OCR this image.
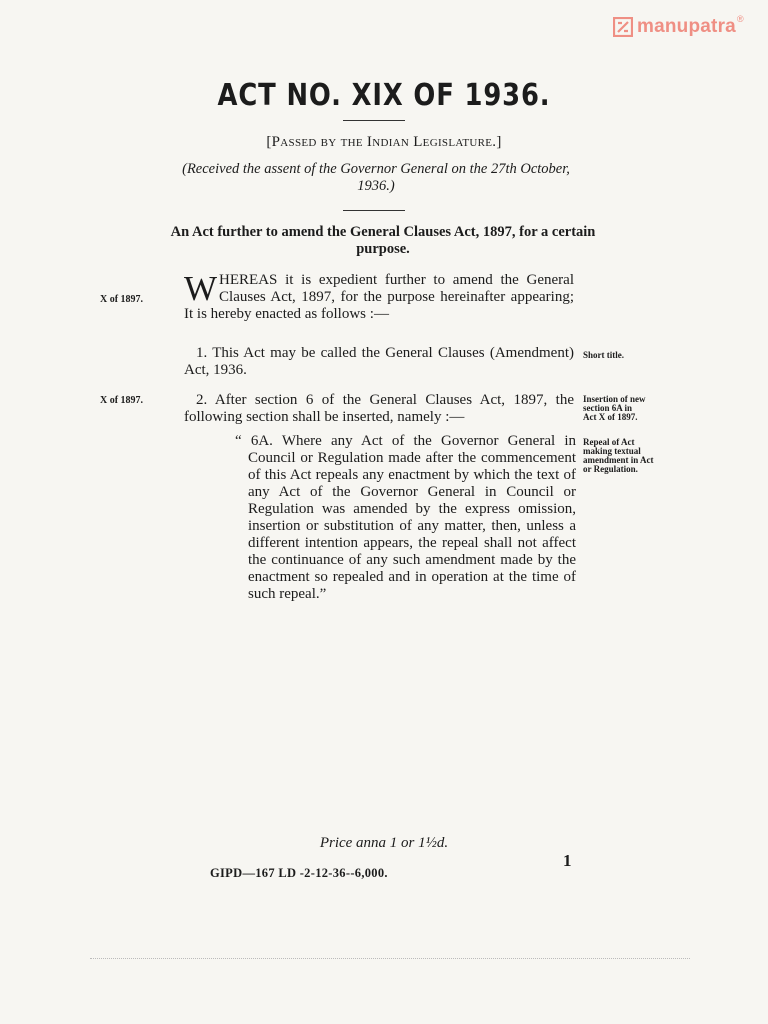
manupatra ®
ACT NO. XIX OF 1936.
[Passed by the Indian Legislature.]
(Received the assent of the Governor General on the 27th October, 1936.)
An Act further to amend the General Clauses Act, 1897, for a certain purpose.
WHEREAS it is expedient further to amend the General Clauses Act, 1897, for the purpose hereinafter appearing; It is hereby enacted as follows :—
X of 1897.
1. This Act may be called the General Clauses (Amendment) Act, 1936.
Short title.
2. After section 6 of the General Clauses Act, 1897, the following section shall be inserted, namely :—
X of 1897.	Insertion of new section 6A in Act X of 1897.
“ 6A. Where any Act of the Governor General in Council or Regulation made after the commencement of this Act repeals any enactment by which the text of any Act of the Governor General in Council or Regulation was amended by the express omission, insertion or substitution of any matter, then, unless a different intention appears, the repeal shall not affect the continuance of any such amendment made by the enactment so repealed and in operation at the time of such repeal.”
Repeal of Act making textual amendment in Act or Regulation.
Price anna 1 or 1½d.
1
GIPD—167 LD -2-12-36--6,000.
